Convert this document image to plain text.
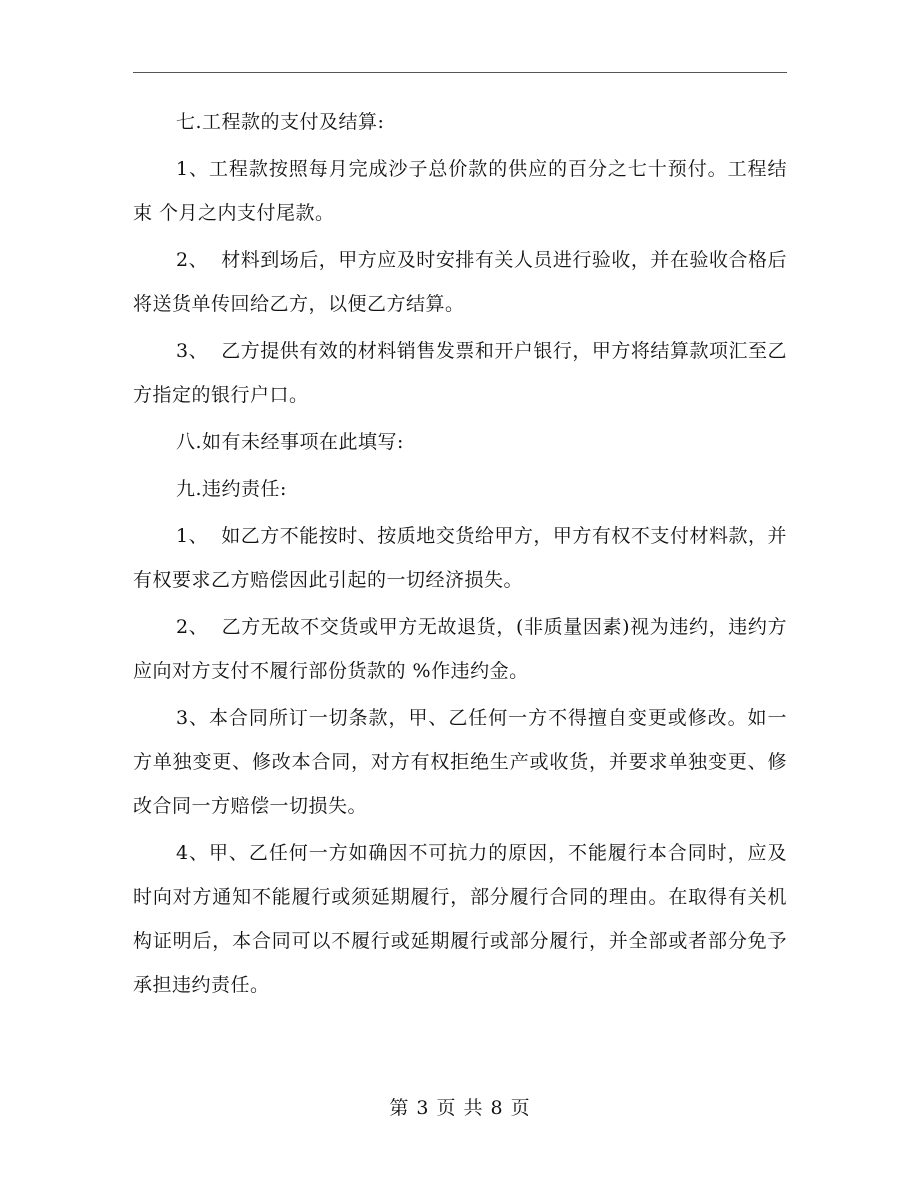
七.工程款的支付及结算:

1、工程款按照每月完成沙子总价款的供应的百分之七十预付。工程结束 个月之内支付尾款。

2、  材料到场后，甲方应及时安排有关人员进行验收，并在验收合格后将送货单传回给乙方，以便乙方结算。

3、  乙方提供有效的材料销售发票和开户银行，甲方将结算款项汇至乙方指定的银行户口。

八.如有未经事项在此填写:

九.违约责任:

1、  如乙方不能按时、按质地交货给甲方，甲方有权不支付材料款，并有权要求乙方赔偿因此引起的一切经济损失。

2、  乙方无故不交货或甲方无故退货，(非质量因素)视为违约，违约方应向对方支付不履行部份货款的 %作违约金。

3、本合同所订一切条款，甲、乙任何一方不得擅自变更或修改。如一方单独变更、修改本合同，对方有权拒绝生产或收货，并要求单独变更、修改合同一方赔偿一切损失。

4、甲、乙任何一方如确因不可抗力的原因，不能履行本合同时，应及时向对方通知不能履行或须延期履行，部分履行合同的理由。在取得有关机构证明后，本合同可以不履行或延期履行或部分履行，并全部或者部分免予承担违约责任。

第 3 页 共 8 页
